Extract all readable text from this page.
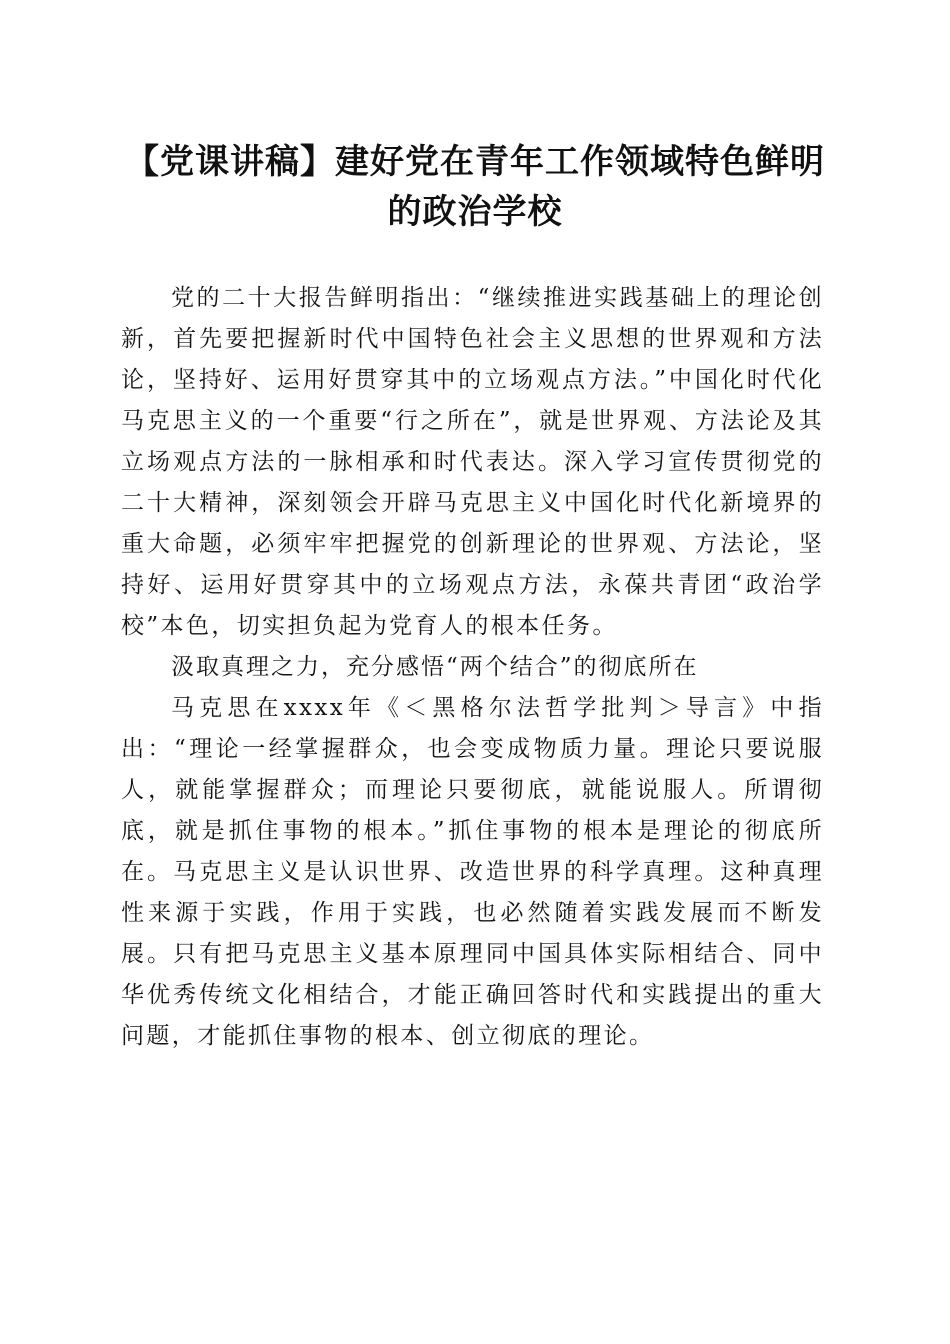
【党课讲稿】建好党在青年工作领域特色鲜明
的政治学校

党的二十大报告鲜明指出：“继续推进实践基础上的理论创新，首先要把握新时代中国特色社会主义思想的世界观和方法论，坚持好、运用好贯穿其中的立场观点方法。”中国化时代化马克思主义的一个重要“行之所在”，就是世界观、方法论及其立场观点方法的一脉相承和时代表达。深入学习宣传贯彻党的二十大精神，深刻领会开辟马克思主义中国化时代化新境界的重大命题，必须牢牢把握党的创新理论的世界观、方法论，坚持好、运用好贯穿其中的立场观点方法，永葆共青团“政治学校”本色，切实担负起为党育人的根本任务。

汲取真理之力，充分感悟“两个结合”的彻底所在

马克思在xxxx年《＜黑格尔法哲学批判＞导言》中指出：“理论一经掌握群众，也会变成物质力量。理论只要说服人，就能掌握群众；而理论只要彻底，就能说服人。所谓彻底，就是抓住事物的根本。”抓住事物的根本是理论的彻底所在。马克思主义是认识世界、改造世界的科学真理。这种真理性来源于实践，作用于实践，也必然随着实践发展而不断发展。只有把马克思主义基本原理同中国具体实际相结合、同中华优秀传统文化相结合，才能正确回答时代和实践提出的重大问题，才能抓住事物的根本、创立彻底的理论。
